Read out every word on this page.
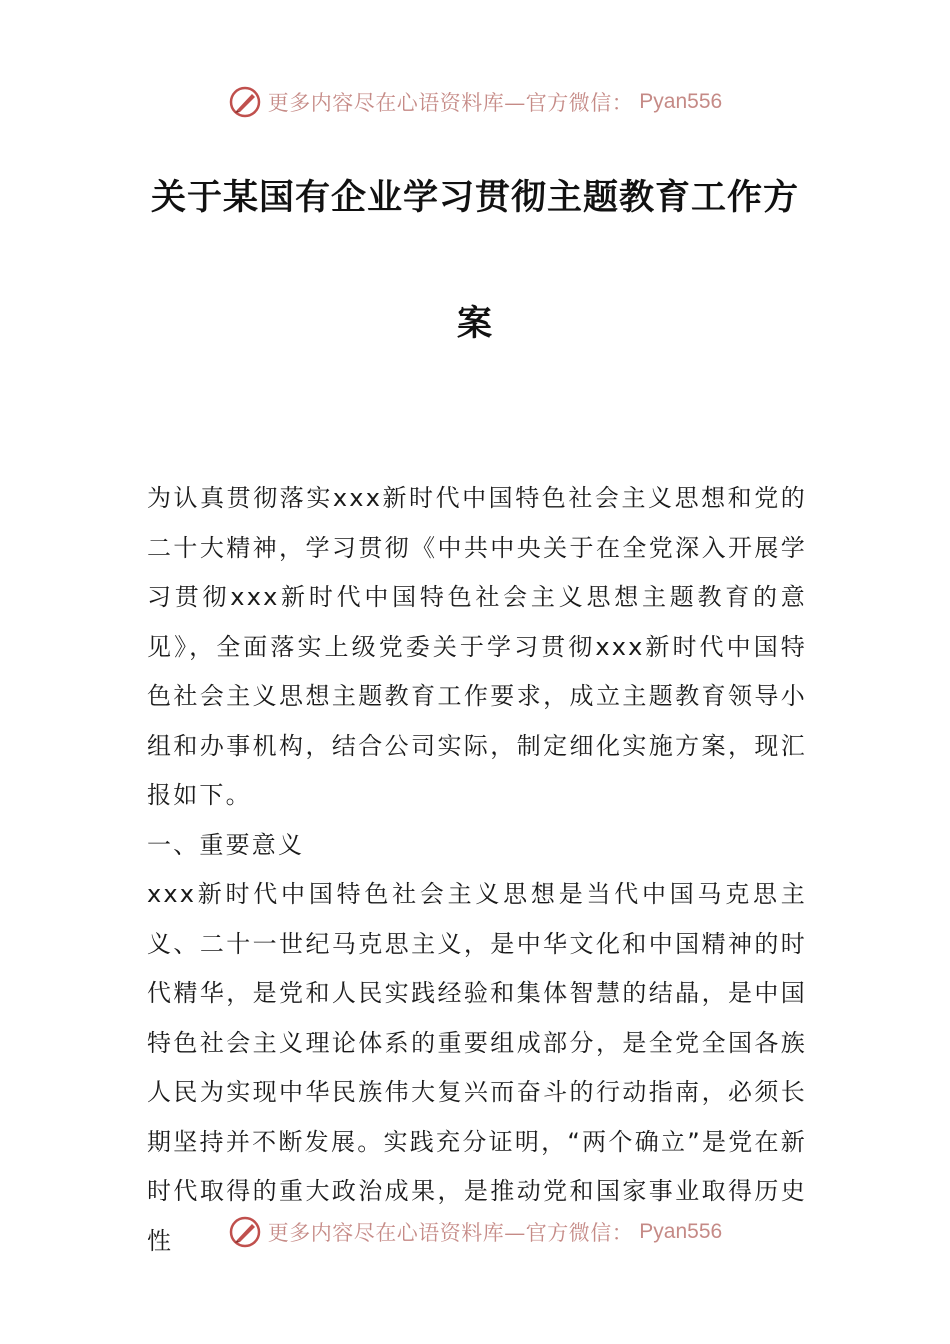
更多内容尽在心语资料库—官方微信： Pyan556
关于某国有企业学习贯彻主题教育工作方
案

为认真贯彻落实xxx新时代中国特色社会主义思想和党的二十大精神，学习贯彻《中共中央关于在全党深入开展学习贯彻xxx新时代中国特色社会主义思想主题教育的意见》，全面落实上级党委关于学习贯彻xxx新时代中国特色社会主义思想主题教育工作要求，成立主题教育领导小组和办事机构，结合公司实际，制定细化实施方案，现汇报如下。

一、重要意义

xxx新时代中国特色社会主义思想是当代中国马克思主义、二十一世纪马克思主义，是中华文化和中国精神的时代精华，是党和人民实践经验和集体智慧的结晶，是中国特色社会主义理论体系的重要组成部分，是全党全国各族人民为实现中华民族伟大复兴而奋斗的行动指南，必须长期坚持并不断发展。实践充分证明，“两个确立”是党在新时代取得的重大政治成果，是推动党和国家事业取得历史性	更多内容尽在心语资料库—官方微信： Pyan556
